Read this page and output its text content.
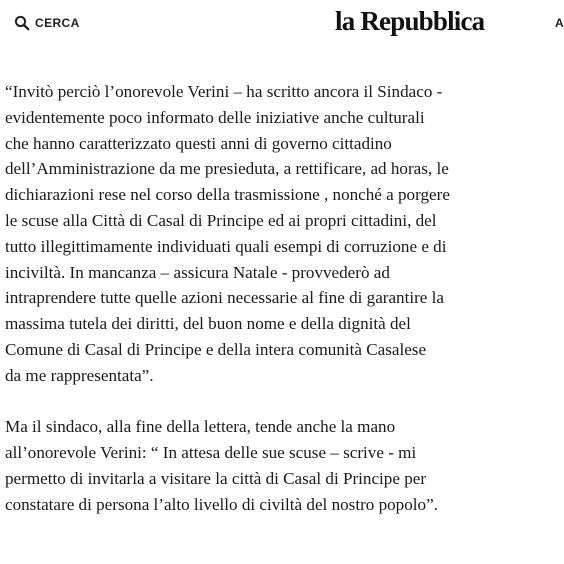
CERCA	la Repubblica	A

“Invitò perciò l’onorevole Verini – ha scritto ancora il Sindaco -
evidentemente poco informato delle iniziative anche culturali
che hanno caratterizzato questi anni di governo cittadino
dell’Amministrazione da me presieduta, a rettificare, ad horas, le
dichiarazioni rese nel corso della trasmissione , nonché a porgere
le scuse alla Città di Casal di Principe ed ai propri cittadini, del
tutto illegittimamente individuati quali esempi di corruzione e di
inciviltà. In mancanza – assicura Natale - provvederò ad
intraprendere tutte quelle azioni necessarie al fine di garantire la
massima tutela dei diritti, del buon nome e della dignità del
Comune di Casal di Principe e della intera comunità Casalese
da me rappresentata”.

Ma il sindaco, alla fine della lettera, tende anche la mano
all’onorevole Verini: “ In attesa delle sue scuse – scrive - mi
permetto di invitarla a visitare la città di Casal di Principe per
constatare di persona l’alto livello di civiltà del nostro popolo”.
